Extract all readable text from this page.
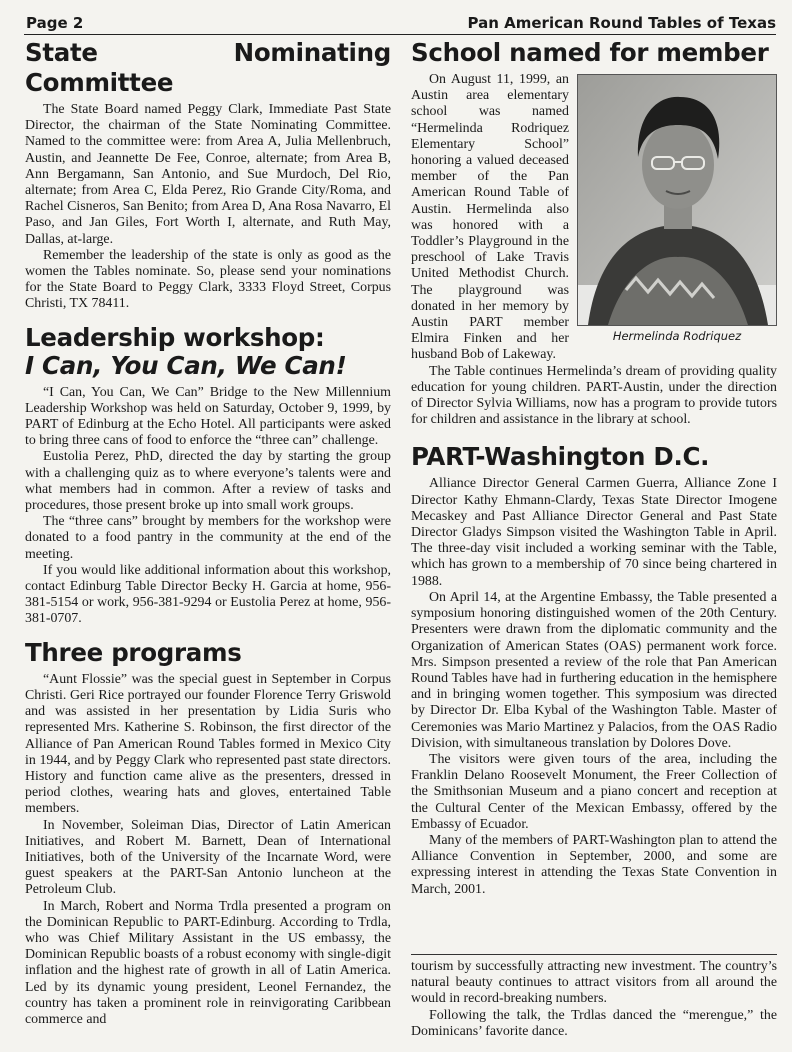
Page 2	Pan American Round Tables of Texas
State Nominating Committee

The State Board named Peggy Clark, Immediate Past State Director, the chairman of the State Nominating Committee. Named to the committee were: from Area A, Julia Mellenbruch, Austin, and Jeannette De Fee, Conroe, alternate; from Area B, Ann Bergamann, San Antonio, and Sue Murdoch, Del Rio, alternate; from Area C, Elda Perez, Rio Grande City/Roma, and Rachel Cisneros, San Benito; from Area D, Ana Rosa Navarro, El Paso, and Jan Giles, Fort Worth I, alternate, and Ruth May, Dallas, at-large.

Remember the leadership of the state is only as good as the women the Tables nominate. So, please send your nominations for the State Board to Peggy Clark, 3333 Floyd Street, Corpus Christi, TX 78411.

Leadership workshop:
I Can, You Can, We Can!

“I Can, You Can, We Can” Bridge to the New Millennium Leadership Workshop was held on Saturday, October 9, 1999, by PART of Edinburg at the Echo Hotel. All participants were asked to bring three cans of food to enforce the “three can” challenge.

Eustolia Perez, PhD, directed the day by starting the group with a challenging quiz as to where everyone’s talents were and what members had in common. After a review of tasks and procedures, those present broke up into small work groups.

The “three cans” brought by members for the workshop were donated to a food pantry in the community at the end of the meeting.

If you would like additional information about this workshop, contact Edinburg Table Director Becky H. Garcia at home, 956-381-5154 or work, 956-381-9294 or Eustolia Perez at home, 956-381-0707.

Three programs

“Aunt Flossie” was the special guest in September in Corpus Christi. Geri Rice portrayed our founder Florence Terry Griswold and was assisted in her presentation by Lidia Suris who represented Mrs. Katherine S. Robinson, the first director of the Alliance of Pan American Round Tables formed in Mexico City in 1944, and by Peggy Clark who represented past state directors. History and function came alive as the presenters, dressed in period clothes, wearing hats and gloves, entertained Table members.

In November, Soleiman Dias, Director of Latin American Initiatives, and Robert M. Barnett, Dean of International Initiatives, both of the University of the Incarnate Word, were guest speakers at the PART-San Antonio luncheon at the Petroleum Club.

In March, Robert and Norma Trdla presented a program on the Dominican Republic to PART-Edinburg. According to Trdla, who was Chief Military Assistant in the US embassy, the Dominican Republic boasts of a robust economy with single-digit inflation and the highest rate of growth in all of Latin America. Led by its dynamic young president, Leonel Fernandez, the country has taken a prominent role in reinvigorating Caribbean commerce and

School named for member
Hermelinda Rodriquez

On August 11, 1999, an Austin area elementary school was named “Hermelinda Rodriquez Elementary School” honoring a valued deceased member of the Pan American Round Table of Austin. Hermelinda also was honored with a Toddler’s Playground in the preschool of Lake Travis United Methodist Church. The playground was donated in her memory by Austin PART member Elmira Finken and her husband Bob of Lakeway.

The Table continues Hermelinda’s dream of providing quality education for young children. PART-Austin, under the direction of Director Sylvia Williams, now has a program to provide tutors for children and assistance in the library at school.

PART-Washington D.C.

Alliance Director General Carmen Guerra, Alliance Zone I Director Kathy Ehmann-Clardy, Texas State Director Imogene Mecaskey and Past Alliance Director General and Past State Director Gladys Simpson visited the Washington Table in April. The three-day visit included a working seminar with the Table, which has grown to a membership of 70 since being chartered in 1988.

On April 14, at the Argentine Embassy, the Table presented a symposium honoring distinguished women of the 20th Century. Presenters were drawn from the diplomatic community and the Organization of American States (OAS) permanent work force. Mrs. Simpson presented a review of the role that Pan American Round Tables have had in furthering education in the hemisphere and in bringing women together. This symposium was directed by Director Dr. Elba Kybal of the Washington Table. Master of Ceremonies was Mario Martinez y Palacios, from the OAS Radio Division, with simultaneous translation by Dolores Dove.

The visitors were given tours of the area, including the Franklin Delano Roosevelt Monument, the Freer Collection of the Smithsonian Museum and a piano concert and reception at the Cultural Center of the Mexican Embassy, offered by the Embassy of Ecuador.

Many of the members of PART-Washington plan to attend the Alliance Convention in September, 2000, and some are expressing interest in attending the Texas State Convention in March, 2001.

tourism by successfully attracting new investment. The country’s natural beauty continues to attract visitors from all around the would in record-breaking numbers.

Following the talk, the Trdlas danced the “merengue,” the Dominicans’ favorite dance.
